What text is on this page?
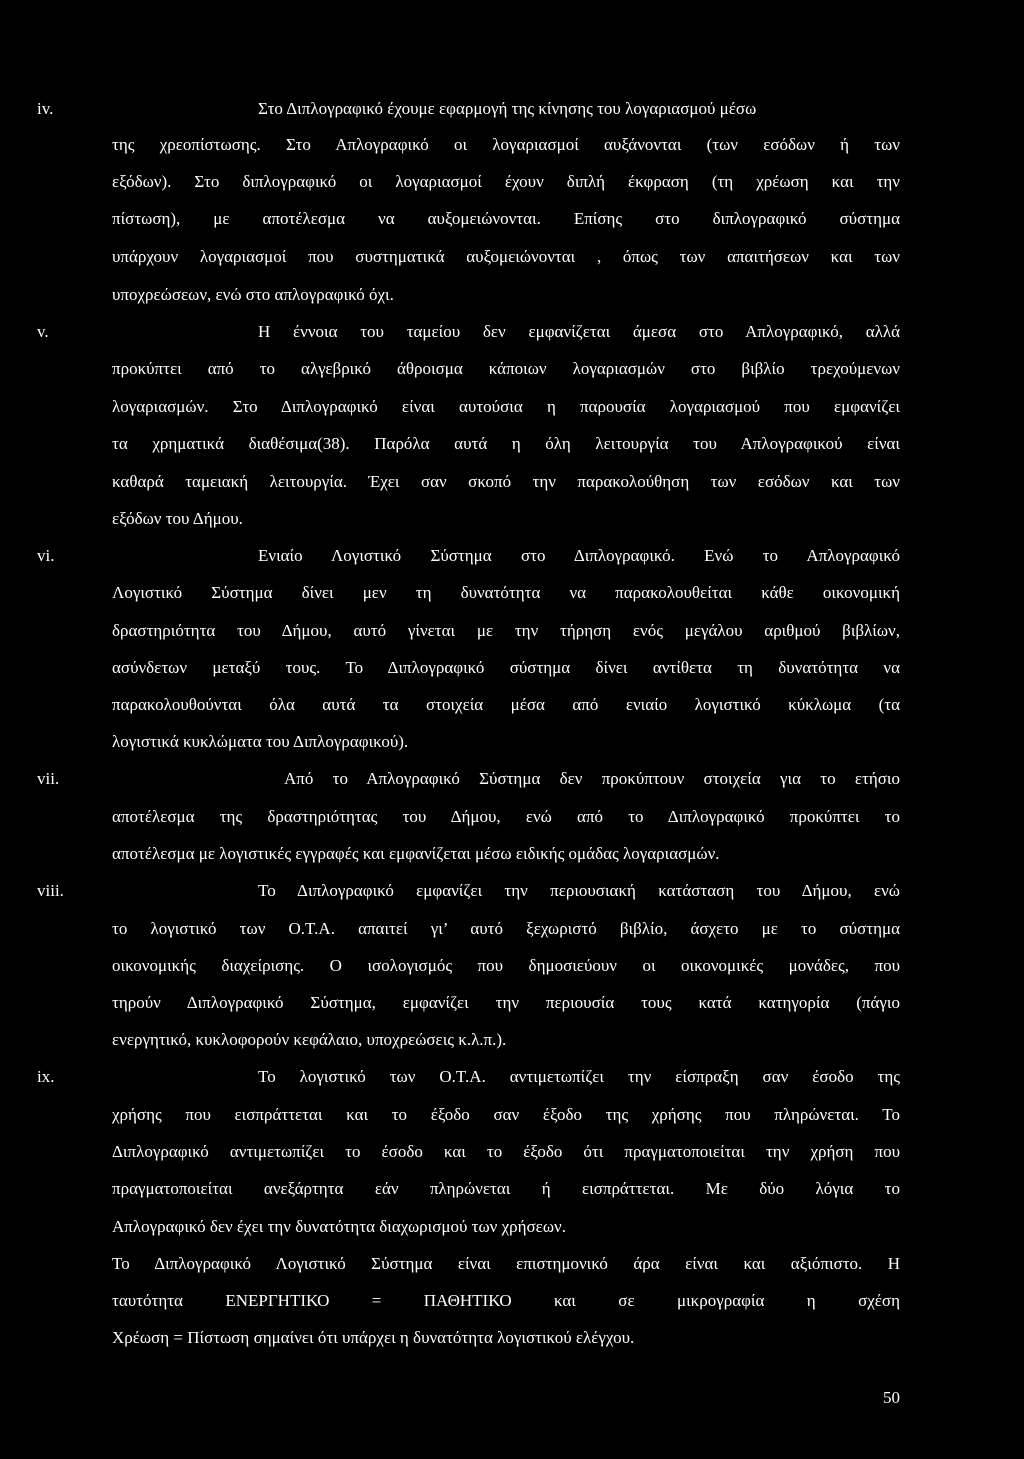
iv.	Στο Διπλογραφικό έχουμε εφαρμογή της κίνησης του λογαριασμού μέσω
της χρεοπίστωσης. Στο Απλογραφικό οι λογαριασμοί αυξάνονται (των εσόδων ή των
εξόδων). Στο διπλογραφικό οι λογαριασμοί έχουν διπλή έκφραση (τη χρέωση και την
πίστωση), με αποτέλεσμα να αυξομειώνονται. Επίσης στο διπλογραφικό σύστημα
υπάρχουν λογαριασμοί που συστηματικά αυξομειώνονται , όπως των απαιτήσεων και των
υποχρεώσεων, ενώ στο απλογραφικό όχι.
v.	Η έννοια του ταμείου δεν εμφανίζεται άμεσα στο Απλογραφικό, αλλά
προκύπτει από το αλγεβρικό άθροισμα κάποιων λογαριασμών στο βιβλίο τρεχούμενων
λογαριασμών. Στο Διπλογραφικό είναι αυτούσια η παρουσία λογαριασμού που εμφανίζει
τα χρηματικά διαθέσιμα(38). Παρόλα αυτά η όλη λειτουργία του Απλογραφικού είναι
καθαρά ταμειακή λειτουργία. Έχει σαν σκοπό την παρακολούθηση των εσόδων και των
εξόδων του Δήμου.
vi.	Ενιαίο Λογιστικό Σύστημα στο Διπλογραφικό. Ενώ το Απλογραφικό
Λογιστικό Σύστημα δίνει μεν τη δυνατότητα να παρακολουθείται κάθε οικονομική
δραστηριότητα του Δήμου, αυτό γίνεται με την τήρηση ενός μεγάλου αριθμού βιβλίων,
ασύνδετων μεταξύ τους. Το Διπλογραφικό σύστημα δίνει αντίθετα τη δυνατότητα να
παρακολουθούνται όλα αυτά τα στοιχεία μέσα από ενιαίο λογιστικό κύκλωμα (τα
λογιστικά κυκλώματα του Διπλογραφικού).
vii.	Από το Απλογραφικό Σύστημα δεν προκύπτουν στοιχεία για το ετήσιο
αποτέλεσμα της δραστηριότητας του Δήμου, ενώ από το Διπλογραφικό προκύπτει το
αποτέλεσμα με λογιστικές εγγραφές και εμφανίζεται μέσω ειδικής ομάδας λογαριασμών.
viii.	Το Διπλογραφικό εμφανίζει την περιουσιακή κατάσταση του Δήμου, ενώ
το λογιστικό των Ο.Τ.Α. απαιτεί γι’ αυτό ξεχωριστό βιβλίο, άσχετο με το σύστημα
οικονομικής διαχείρισης. Ο ισολογισμός που δημοσιεύουν οι οικονομικές μονάδες, που
τηρούν Διπλογραφικό Σύστημα, εμφανίζει την περιουσία τους κατά κατηγορία (πάγιο
ενεργητικό, κυκλοφορούν κεφάλαιο, υποχρεώσεις κ.λ.π.).
ix.	Το λογιστικό των Ο.Τ.Α. αντιμετωπίζει την είσπραξη σαν έσοδο της
χρήσης που εισπράττεται και το έξοδο σαν έξοδο της χρήσης που πληρώνεται. Το
Διπλογραφικό αντιμετωπίζει το έσοδο και το έξοδο ότι πραγματοποιείται την χρήση που
πραγματοποιείται ανεξάρτητα εάν πληρώνεται ή εισπράττεται. Με δύο λόγια το
Απλογραφικό δεν έχει την δυνατότητα διαχωρισμού των χρήσεων.
Το Διπλογραφικό Λογιστικό Σύστημα είναι επιστημονικό άρα είναι και αξιόπιστο. Η
ταυτότητα ΕΝΕΡΓΗΤΙΚΟ = ΠΑΘΗΤΙΚΟ και σε μικρογραφία η σχέση
Χρέωση = Πίστωση σημαίνει ότι υπάρχει η δυνατότητα λογιστικού ελέγχου.
50
